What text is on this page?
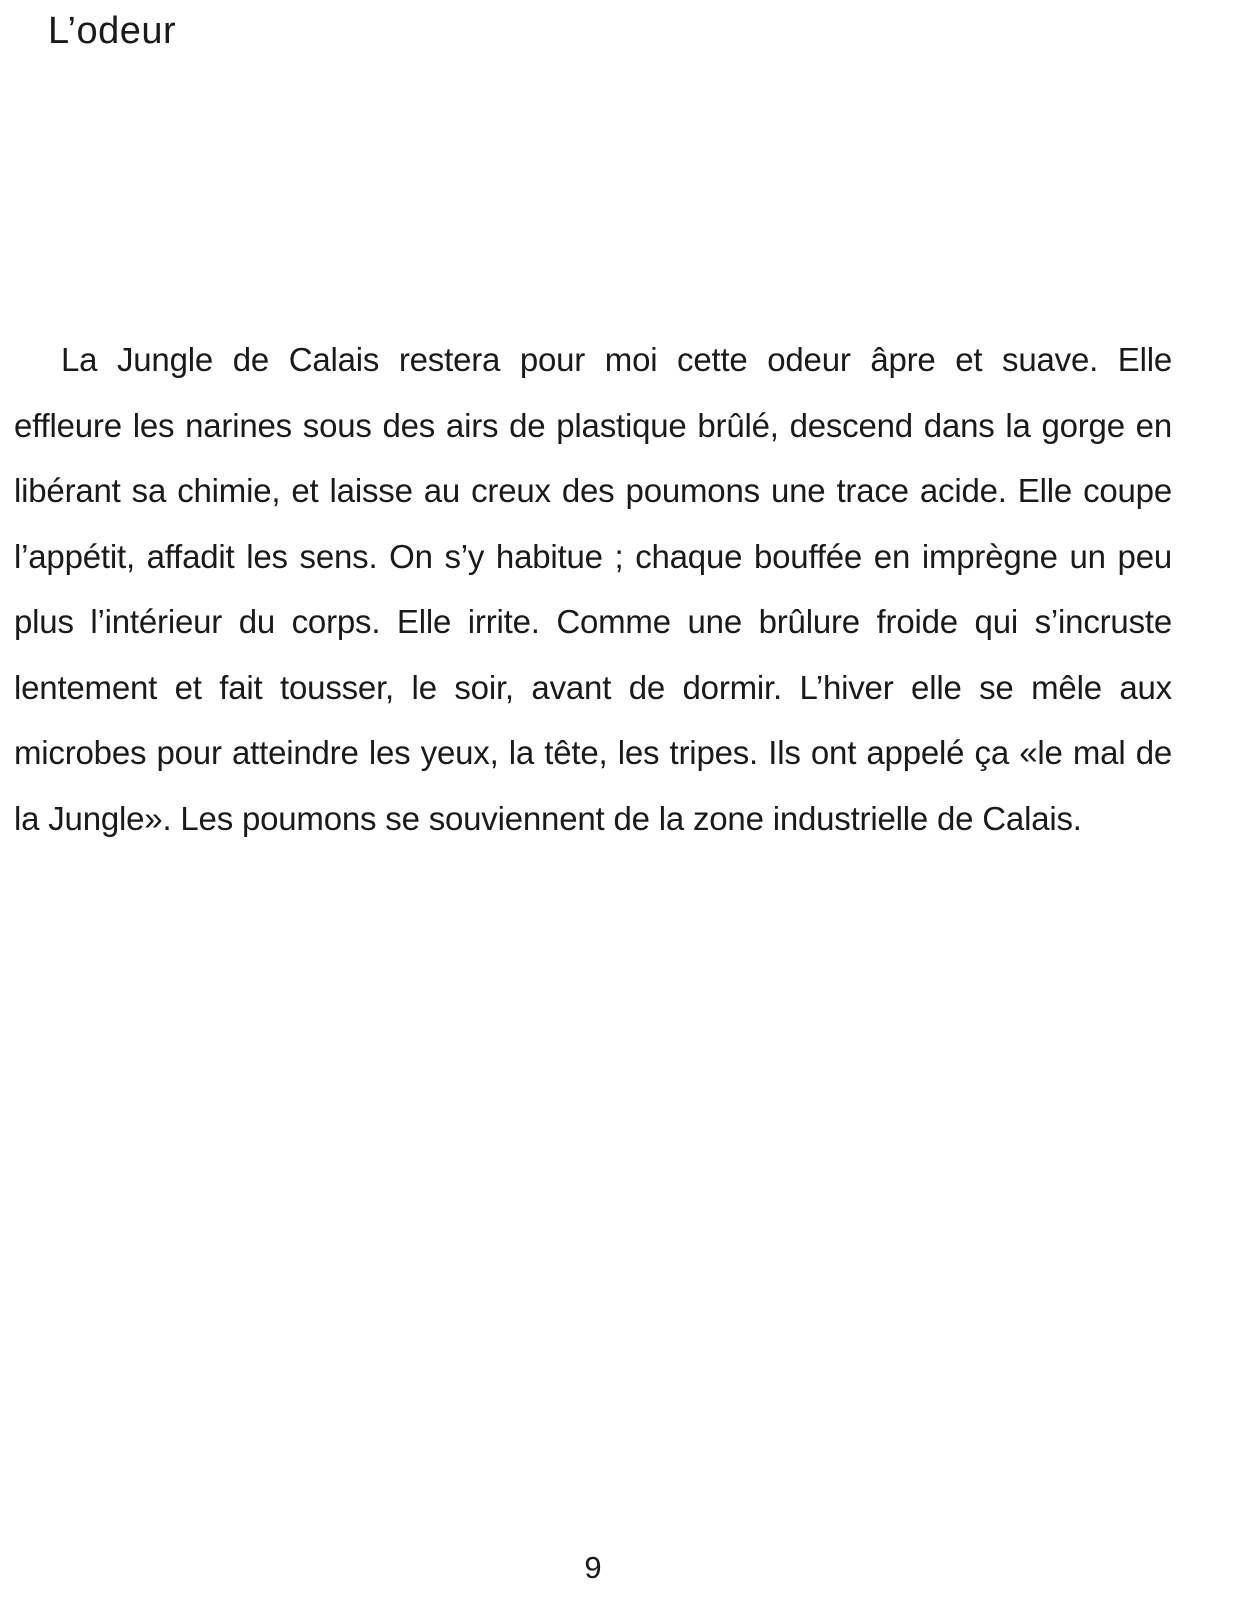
L’odeur
La Jungle de Calais restera pour moi cette odeur âpre et suave. Elle
effleure les narines sous des airs de plastique brûlé, descend dans la gorge en
libérant sa chimie, et laisse au creux des poumons une trace acide. Elle coupe
l’appétit, affadit les sens. On s’y habitue ; chaque bouffée en imprègne un peu
plus l’intérieur du corps. Elle irrite. Comme une brûlure froide qui s’incruste
lentement et fait tousser, le soir, avant de dormir. L’hiver elle se mêle aux
microbes pour atteindre les yeux, la tête, les tripes. Ils ont appelé ça «le mal de
la Jungle». Les poumons se souviennent de la zone industrielle de Calais.
9
